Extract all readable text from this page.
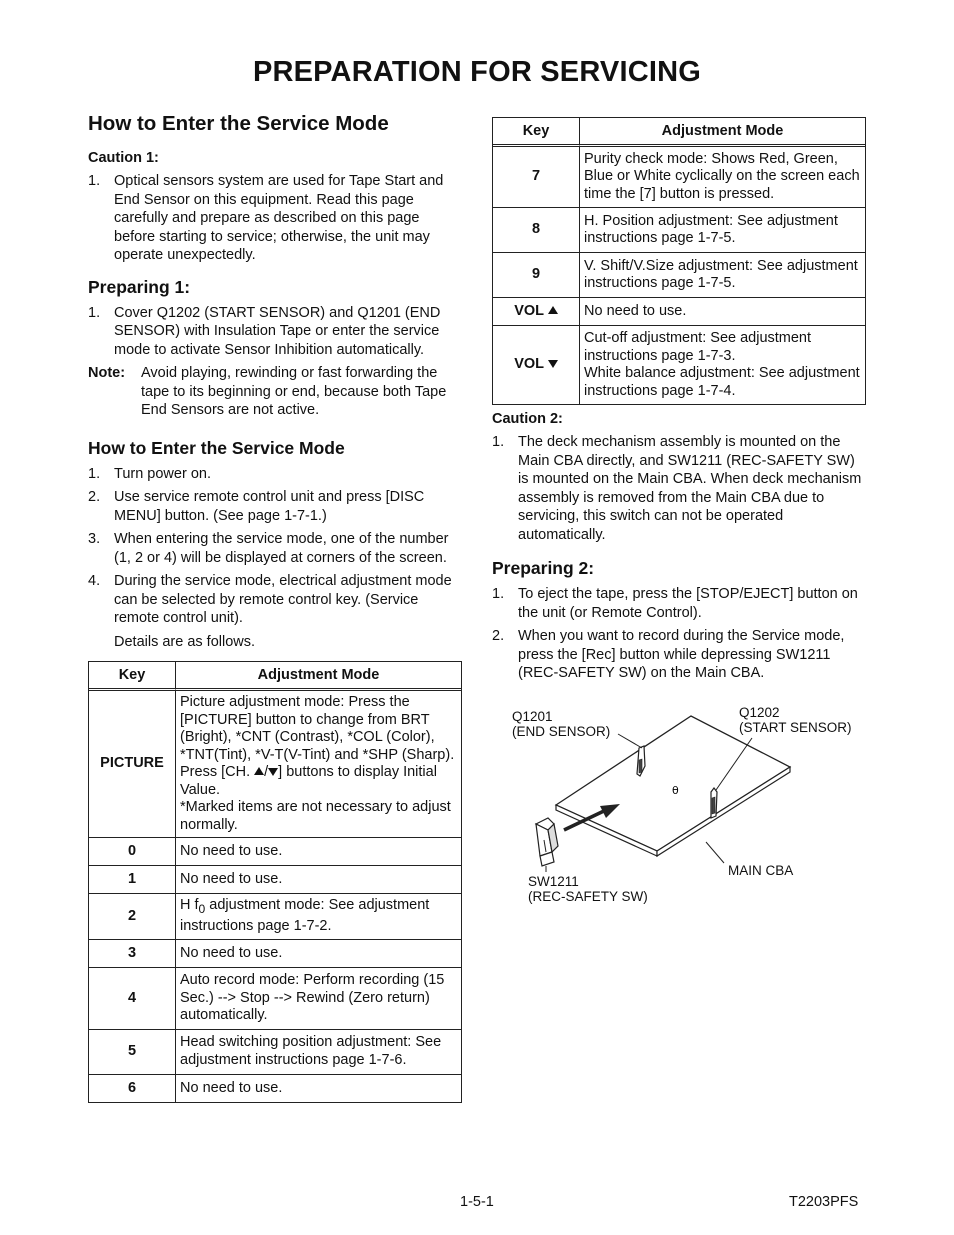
PREPARATION FOR SERVICING
How to Enter the Service Mode
Caution 1:
1. Optical sensors system are used for Tape Start and End Sensor on this equipment. Read this page carefully and prepare as described on this page before starting to service; otherwise, the unit may operate unexpectedly.
Preparing 1:
1. Cover Q1202 (START SENSOR) and Q1201 (END SENSOR) with Insulation Tape or enter the service mode to activate Sensor Inhibition automatically.
Note:	Avoid playing, rewinding or fast forwarding the tape to its beginning or end, because both Tape End Sensors are not active.
How to Enter the Service Mode
1. Turn power on.
2. Use service remote control unit and press [DISC MENU] button. (See page 1-7-1.)
3. When entering the service mode, one of the number (1, 2 or 4) will be displayed at corners of the screen.
4. During the service mode, electrical adjustment mode can be selected by remote control key. (Service remote control unit).
Details are as follows.
Key	Adjustment Mode
PICTURE	Picture adjustment mode: Press the [PICTURE] button to change from BRT (Bright), *CNT (Contrast), *COL (Color), *TNT(Tint), *V-T(V-Tint) and *SHP (Sharp). Press [CH. / ] buttons to display Initial Value.
*Marked items are not necessary to adjust normally.
0	No need to use.
1	No need to use.
2	H $f_0$ adjustment mode: See adjustment instructions page 1-7-2.
3	No need to use.
4	Auto record mode: Perform recording (15 Sec.) --> Stop --> Rewind (Zero return) automatically.
5	Head switching position adjustment: See adjustment instructions page 1-7-6.
6	No need to use.
Key	Adjustment Mode
7	Purity check mode: Shows Red, Green, Blue or White cyclically on the screen each time the [7] button is pressed.
8	H. Position adjustment: See adjustment instructions page 1-7-5.
9	V. Shift/V.Size adjustment: See adjustment instructions page 1-7-5.
VOL	No need to use.
VOL	Cut-off adjustment: See adjustment instructions page 1-7-3.
White balance adjustment: See adjustment instructions page 1-7-4.
Caution 2:
1. The deck mechanism assembly is mounted on the Main CBA directly, and SW1211 (REC-SAFETY SW) is mounted on the Main CBA. When deck mechanism assembly is removed from the Main CBA due to servicing, this switch can not be operated automatically.
Preparing 2:
1. To eject the tape, press the [STOP/EJECT] button on the unit (or Remote Control).
2. When you want to record during the Service mode, press the [Rec] button while depressing SW1211 (REC-SAFETY SW) on the Main CBA.
θ
Q1201
(END SENSOR)
Q1202
(START SENSOR)
MAIN CBA
SW1211
(REC-SAFETY SW)
1-5-1	T2203PFS
